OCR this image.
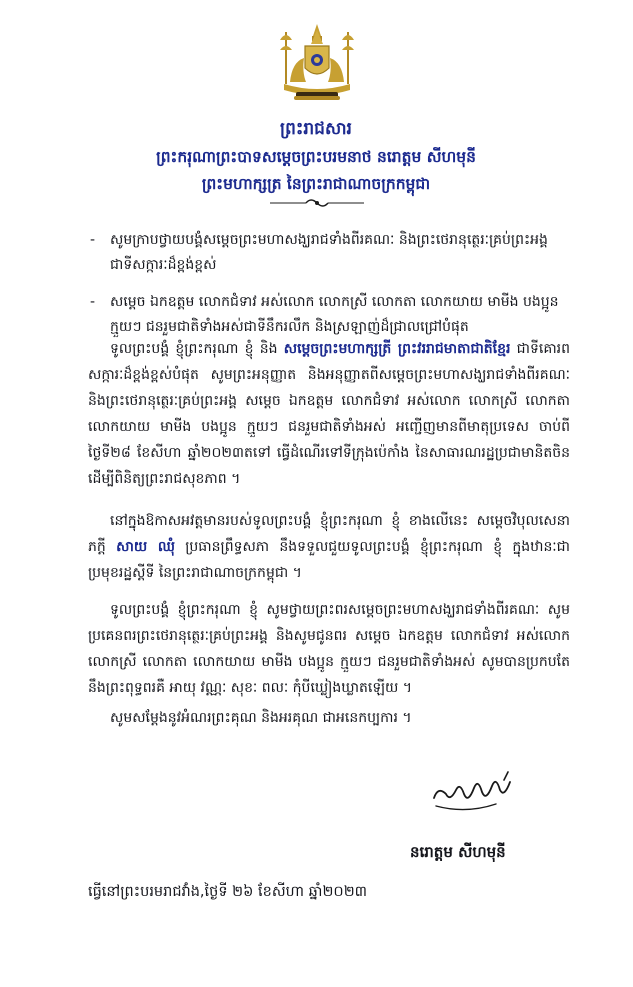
ព្រះរាជសារ
ព្រះករុណាព្រះបាទសម្ដេចព្រះបរមនាថ នរោត្ដម សីហមុនី
ព្រះមហាក្សត្រ នៃព្រះរាជាណាចក្រកម្ពុជា
- សូមក្រាបថ្វាយបង្គំសម្ដេចព្រះមហាសង្ឃរាជទាំងពីរគណៈ និងព្រះថេរានុត្ថេរៈគ្រប់ព្រះអង្គ ជាទីសក្ការៈដ៏ខ្ពង់ខ្ពស់
- សម្ដេច ឯកឧត្តម លោកជំទាវ អស់លោក លោកស្រី លោកតា លោកយាយ មាមីង បងប្អូន ក្មួយៗ ជនរួមជាតិទាំងអស់ជាទីនឹករលឹក និងស្រឡាញ់ដ៏ជ្រាលជ្រៅបំផុត
ទូលព្រះបង្គំ ខ្ញុំព្រះករុណា ខ្ញុំ និង សម្ដេចព្រះមហាក្សត្រី ព្រះវររាជមាតាជាតិខ្មែរ ជាទីគោរពសក្ការៈដ៏ខ្ពង់ខ្ពស់បំផុត សូមព្រះអនុញ្ញាត និងអនុញ្ញាតពីសម្ដេចព្រះមហាសង្ឃរាជទាំងពីរគណៈ និងព្រះថេរានុត្ថេរៈគ្រប់ព្រះអង្គ សម្ដេច ឯកឧត្តម លោកជំទាវ អស់លោក លោកស្រី លោកតា លោកយាយ មាមីង បងប្អូន ក្មួយៗ ជនរួមជាតិទាំងអស់ អញ្ជើញមានពីមាតុប្រទេស ចាប់ពីថ្ងៃទី២៨ ខែសីហា ឆ្នាំ២០២៣តទៅ ធ្វើដំណើរទៅទីក្រុងប៉េកាំង នៃសាធារណរដ្ឋប្រជាមានិតចិន ដើម្បីពិនិត្យព្រះរាជសុខភាព ។
នៅក្នុងឱកាសអវត្តមានរបស់ទូលព្រះបង្គំ ខ្ញុំព្រះករុណា ខ្ញុំ ខាងលើនេះ សម្ដេចវិបុលសេនាភក្ដី សាយ ឈុំ ប្រធានព្រឹទ្ធសភា នឹងទទួលជួយទូលព្រះបង្គំ ខ្ញុំព្រះករុណា ខ្ញុំ ក្នុងឋានៈជាប្រមុខរដ្ឋស្ដីទី នៃព្រះរាជាណាចក្រកម្ពុជា ។
ទូលព្រះបង្គំ ខ្ញុំព្រះករុណា ខ្ញុំ សូមថ្វាយព្រះពរសម្ដេចព្រះមហាសង្ឃរាជទាំងពីរគណៈ សូមប្រគេនពរព្រះថេរានុត្ថេរៈគ្រប់ព្រះអង្គ និងសូមជូនពរ សម្ដេច ឯកឧត្តម លោកជំទាវ អស់លោក លោកស្រី លោកតា លោកយាយ មាមីង បងប្អូន ក្មួយៗ ជនរួមជាតិទាំងអស់ សូមបានប្រកបតែនឹងព្រះពុទ្ធពរគឺ អាយុ វណ្ណៈ សុខៈ ពលៈ កុំបីឃ្លៀងឃ្លាតឡើយ ។
សូមសម្ដែងនូវអំណរព្រះគុណ និងអរគុណ ជាអនេកប្បការ ។
នរោត្ដម សីហមុនី
ធ្វើនៅព្រះបរមរាជវាំង,ថ្ងៃទី ២៦ ខែសីហា ឆ្នាំ២០២៣
